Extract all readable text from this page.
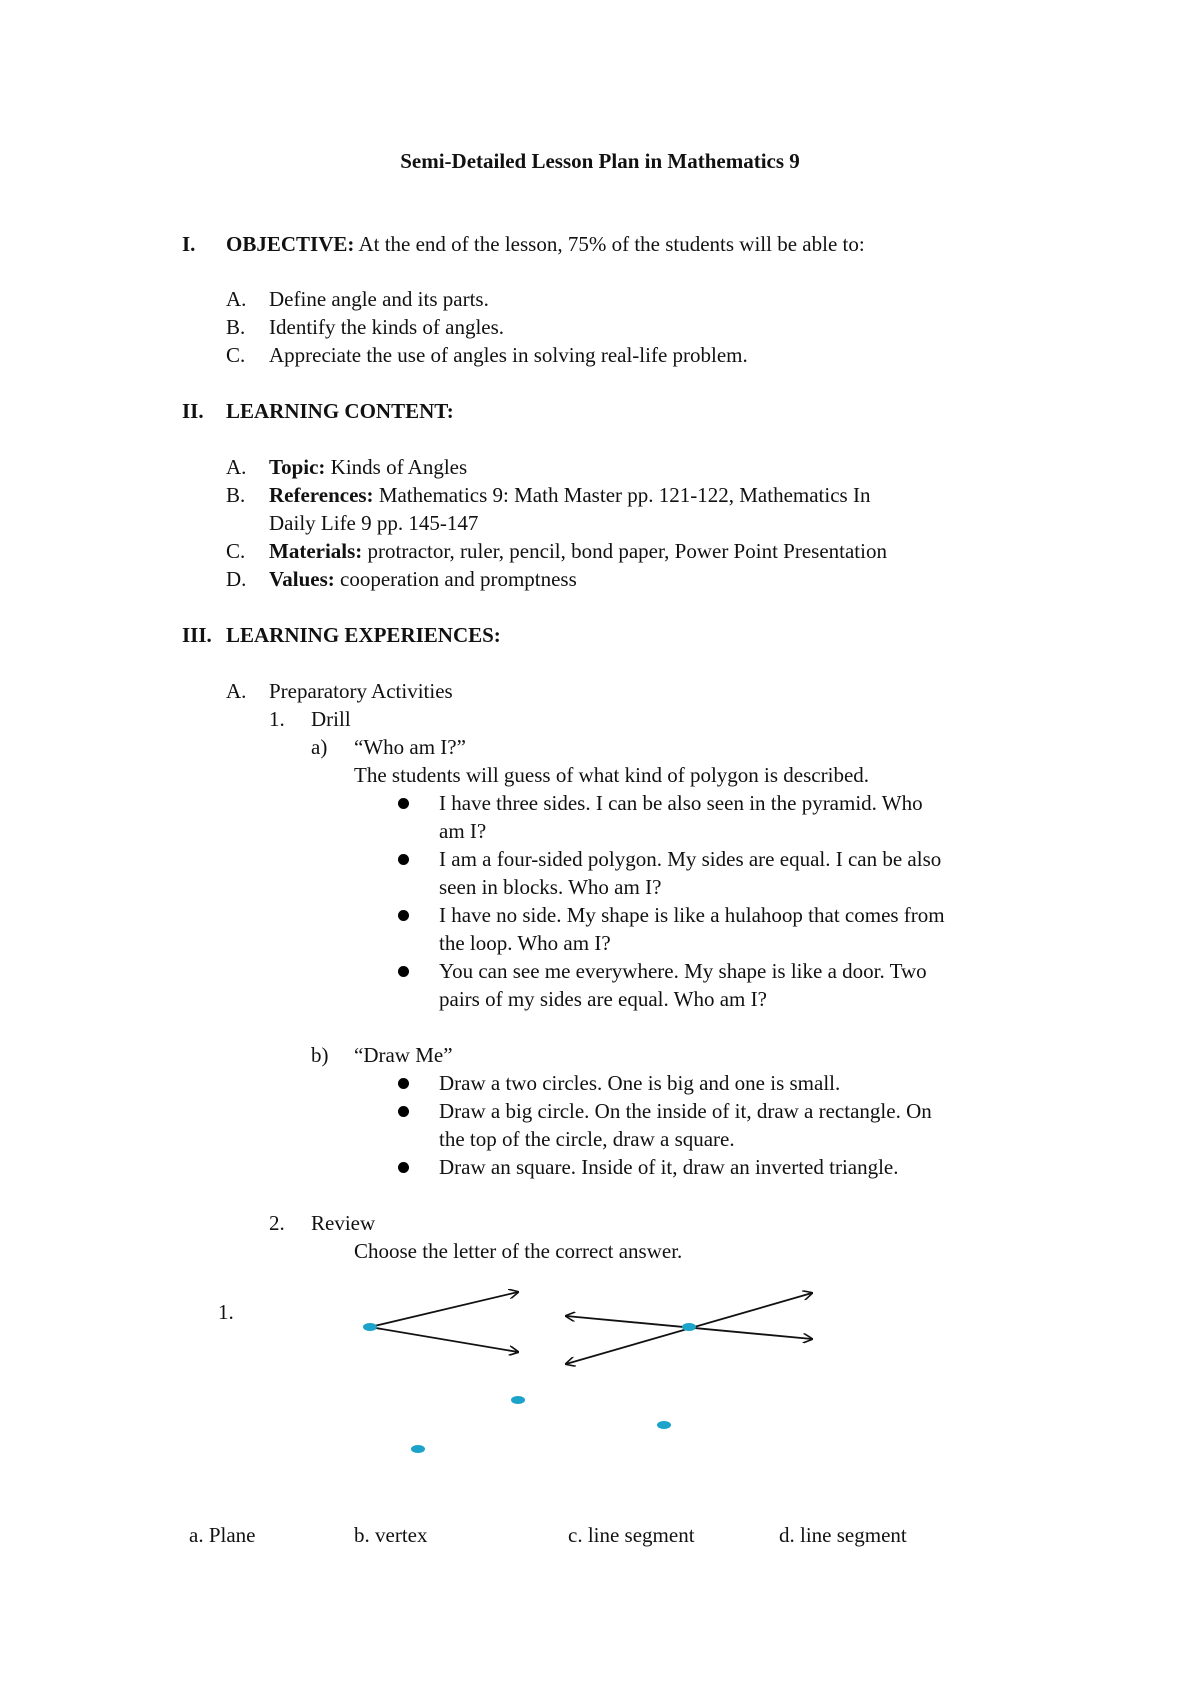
Semi-Detailed Lesson Plan in Mathematics 9
I. OBJECTIVE: At the end of the lesson, 75% of the students will be able to:
A. Define angle and its parts.
B. Identify the kinds of angles.
C. Appreciate the use of angles in solving real-life problem.
II. LEARNING CONTENT:
A. Topic: Kinds of Angles
B. References: Mathematics 9: Math Master pp. 121-122, Mathematics In
Daily Life 9 pp. 145-147
C. Materials: protractor, ruler, pencil, bond paper, Power Point Presentation
D. Values: cooperation and promptness
III. LEARNING EXPERIENCES:
A. Preparatory Activities
1. Drill
a) “Who am I?”
The students will guess of what kind of polygon is described.
I have three sides. I can be also seen in the pyramid. Who
am I?
I am a four-sided polygon. My sides are equal. I can be also
seen in blocks. Who am I?
I have no side. My shape is like a hulahoop that comes from
the loop. Who am I?
You can see me everywhere. My shape is like a door. Two
pairs of my sides are equal. Who am I?
b) “Draw Me”
Draw a two circles. One is big and one is small.
Draw a big circle. On the inside of it, draw a rectangle. On
the top of the circle, draw a square.
Draw an square. Inside of it, draw an inverted triangle.
2. Review
Choose the letter of the correct answer.
1.
a. Plane	b. vertex	c. line segment	d. line segment
